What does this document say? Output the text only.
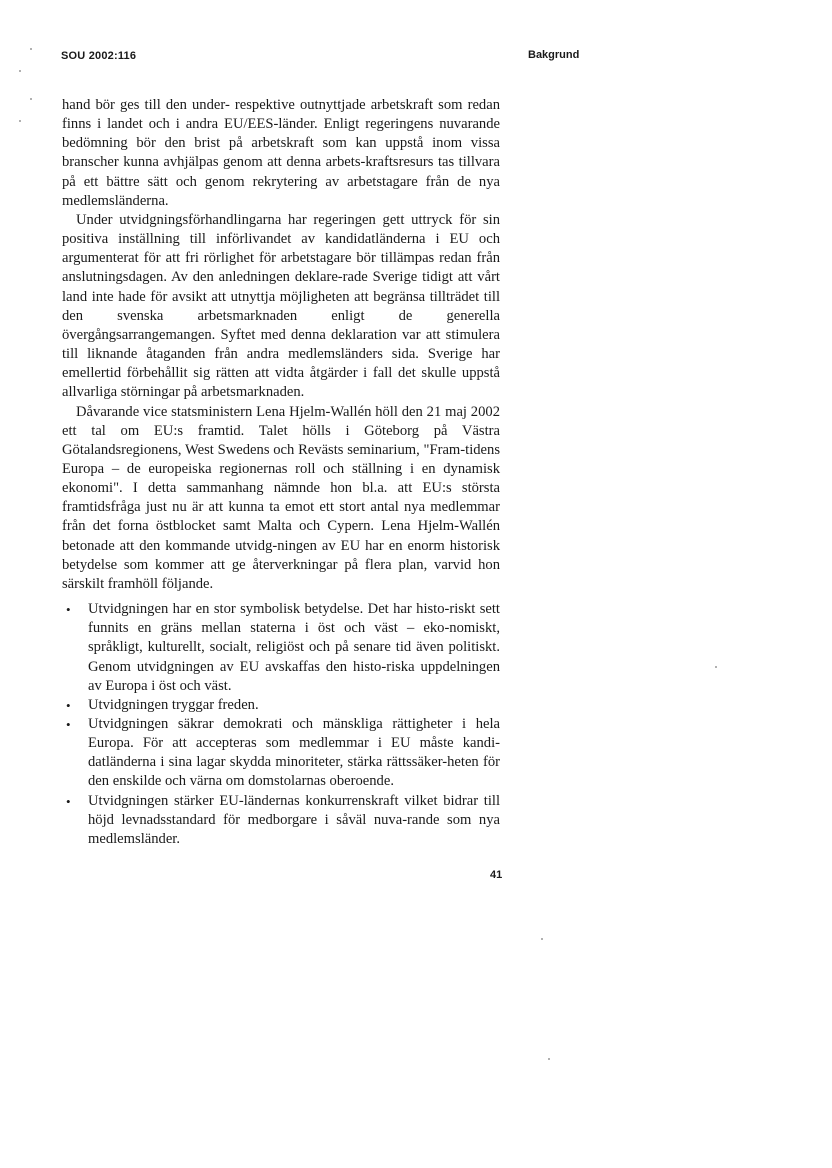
SOU 2002:116	Bakgrund

hand bör ges till den under- respektive outnyttjade arbetskraft som redan finns i landet och i andra EU/EES-länder. Enligt regeringens nuvarande bedömning bör den brist på arbetskraft som kan uppstå inom vissa branscher kunna avhjälpas genom att denna arbets-kraftsresurs tas tillvara på ett bättre sätt och genom rekrytering av arbetstagare från de nya medlemsländerna.

Under utvidgningsförhandlingarna har regeringen gett uttryck för sin positiva inställning till införlivandet av kandidatländerna i EU och argumenterat för att fri rörlighet för arbetstagare bör tillämpas redan från anslutningsdagen. Av den anledningen deklare-rade Sverige tidigt att vårt land inte hade för avsikt att utnyttja möjligheten att begränsa tillträdet till den svenska arbetsmarknaden enligt de generella övergångsarrangemangen. Syftet med denna deklaration var att stimulera till liknande åtaganden från andra medlemsländers sida. Sverige har emellertid förbehållit sig rätten att vidta åtgärder i fall det skulle uppstå allvarliga störningar på arbetsmarknaden.

Dåvarande vice statsministern Lena Hjelm-Wallén höll den 21 maj 2002 ett tal om EU:s framtid. Talet hölls i Göteborg på Västra Götalandsregionens, West Swedens och Revästs seminarium, "Fram-tidens Europa – de europeiska regionernas roll och ställning i en dynamisk ekonomi". I detta sammanhang nämnde hon bl.a. att EU:s största framtidsfråga just nu är att kunna ta emot ett stort antal nya medlemmar från det forna östblocket samt Malta och Cypern. Lena Hjelm-Wallén betonade att den kommande utvidg-ningen av EU har en enorm historisk betydelse som kommer att ge återverkningar på flera plan, varvid hon särskilt framhöll följande.

• Utvidgningen har en stor symbolisk betydelse. Det har histo-riskt sett funnits en gräns mellan staterna i öst och väst – eko-nomiskt, språkligt, kulturellt, socialt, religiöst och på senare tid även politiskt. Genom utvidgningen av EU avskaffas den histo-riska uppdelningen av Europa i öst och väst.
• Utvidgningen tryggar freden.
• Utvidgningen säkrar demokrati och mänskliga rättigheter i hela Europa. För att accepteras som medlemmar i EU måste kandi-datländerna i sina lagar skydda minoriteter, stärka rättssäker-heten för den enskilde och värna om domstolarnas oberoende.
• Utvidgningen stärker EU-ländernas konkurrenskraft vilket bidrar till höjd levnadsstandard för medborgare i såväl nuva-rande som nya medlemsländer.
41
